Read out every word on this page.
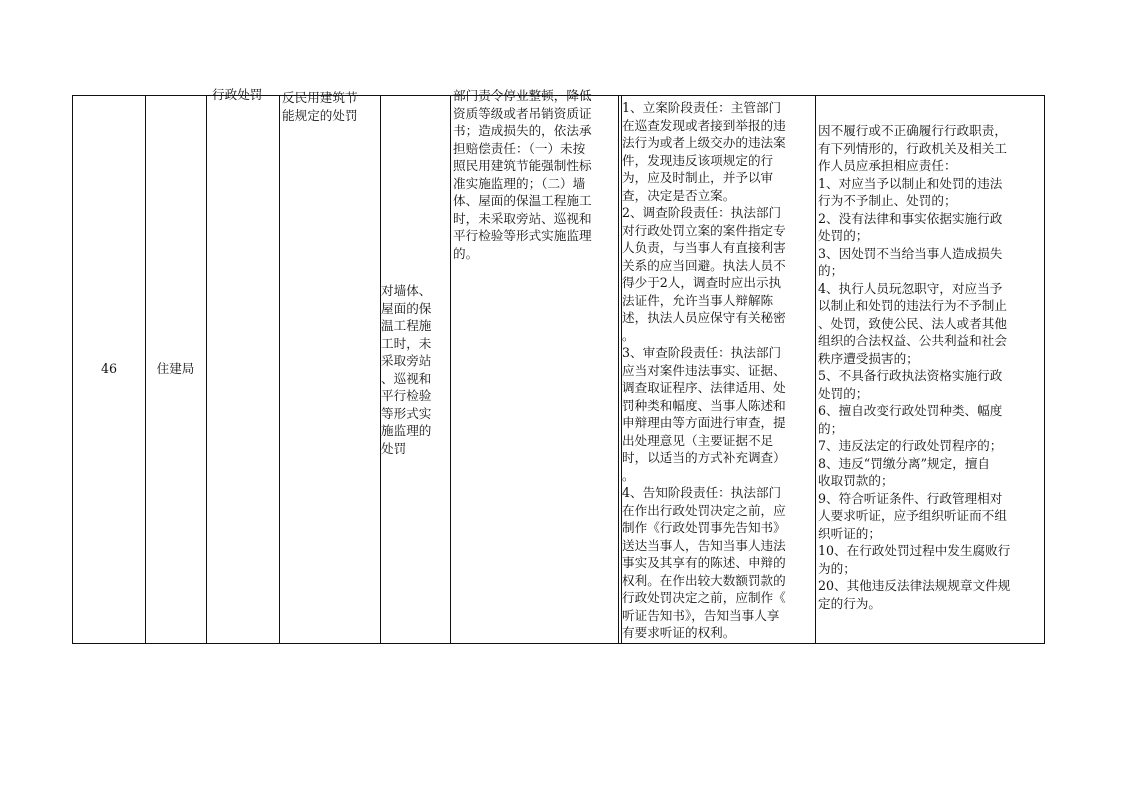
46	住建局
行政处罚	反民用建筑节
能规定的处罚
对墙体、
屋面的保
温工程施
工时，未
采取旁站
、巡视和
平行检验
等形式实
施监理的
处罚
部门责令停业整顿，降低
资质等级或者吊销资质证
书；造成损失的，依法承
担赔偿责任：（一）未按
照民用建筑节能强制性标
准实施监理的；（二）墙
体、屋面的保温工程施工
时，未采取旁站、巡视和
平行检验等形式实施监理
的。
1、立案阶段责任：主管部门
在巡查发现或者接到举报的违
法行为或者上级交办的违法案
件，发现违反该项规定的行
为，应及时制止，并予以审
查，决定是否立案。
2、调查阶段责任：执法部门
对行政处罚立案的案件指定专
人负责，与当事人有直接利害
关系的应当回避。执法人员不
得少于2人，调查时应出示执
法证件，允许当事人辩解陈
述，执法人员应保守有关秘密
。
3、审查阶段责任：执法部门
应当对案件违法事实、证据、
调查取证程序、法律适用、处
罚种类和幅度、当事人陈述和
申辩理由等方面进行审查，提
出处理意见（主要证据不足
时，以适当的方式补充调查）
。
4、告知阶段责任：执法部门
在作出行政处罚决定之前，应
制作《行政处罚事先告知书》
送达当事人，告知当事人违法
事实及其享有的陈述、申辩的
权利。在作出较大数额罚款的
行政处罚决定之前，应制作《
听证告知书》，告知当事人享
有要求听证的权利。
因不履行或不正确履行行政职责，
有下列情形的，行政机关及相关工
作人员应承担相应责任：
1、对应当予以制止和处罚的违法
行为不予制止、处罚的；
2、没有法律和事实依据实施行政
处罚的；
3、因处罚不当给当事人造成损失
的；
4、执行人员玩忽职守，对应当予
以制止和处罚的违法行为不予制止
、处罚，致使公民、法人或者其他
组织的合法权益、公共利益和社会
秩序遭受损害的；
5、不具备行政执法资格实施行政
处罚的；
6、擅自改变行政处罚种类、幅度
的；
7、违反法定的行政处罚程序的；
8、违反“罚缴分离”规定，擅自
收取罚款的；
9、符合听证条件、行政管理相对
人要求听证，应予组织听证而不组
织听证的；
10、在行政处罚过程中发生腐败行
为的；
20、其他违反法律法规规章文件规
定的行为。
